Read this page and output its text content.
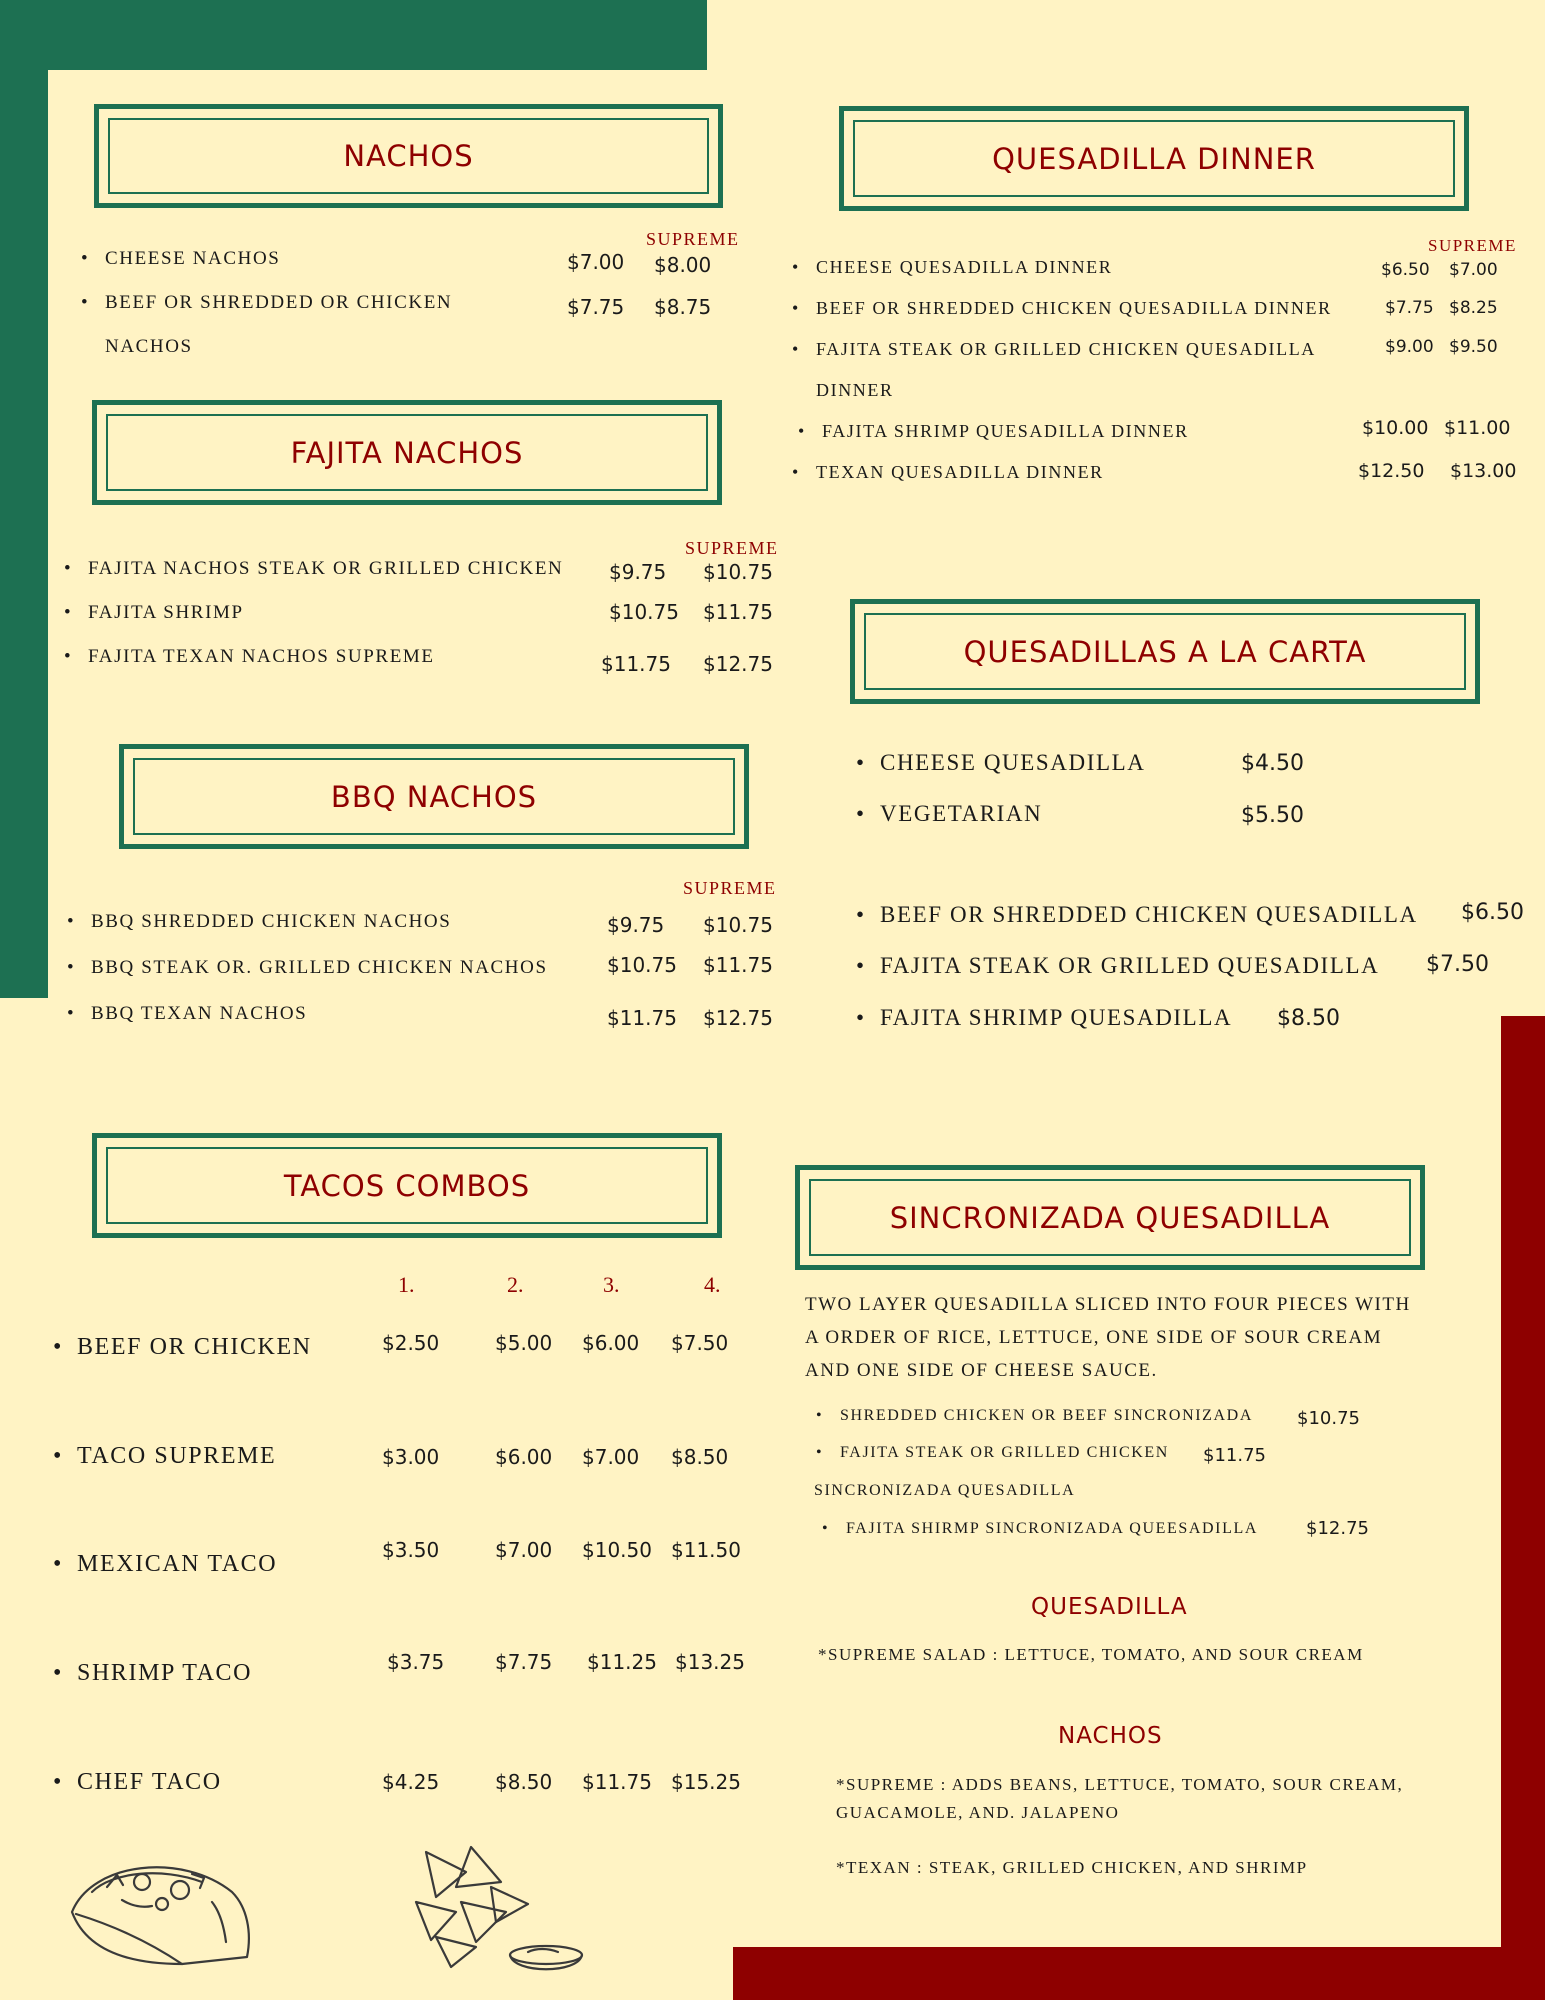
NACHOS
SUPREME
• CHEESE NACHOS	$7.00 $8.00
• BEEF OR SHREDDED OR CHICKEN
NACHOS
$7.75 $8.75
FAJITA NACHOS
SUPREME
• FAJITA NACHOS STEAK OR GRILLED CHICKEN $9.75 $10.75
• FAJITA SHRIMP	$10.75 $11.75
• FAJITA TEXAN NACHOS SUPREME	$11.75 $12.75
BBQ NACHOS
SUPREME
• BBQ SHREDDED CHICKEN NACHOS	$9.75 $10.75
• BBQ STEAK OR. GRILLED CHICKEN NACHOS	$10.75 $11.75
• BBQ TEXAN NACHOS	$11.75 $12.75
QUESADILLA DINNER
SUPREME
• CHEESE QUESADILLA DINNER	$6.50 $7.00
• BEEF OR SHREDDED CHICKEN QUESADILLA DINNER	$7.75 $8.25
• FAJITA STEAK OR GRILLED CHICKEN QUESADILLA
DINNER
$9.00 $9.50
• FAJITA SHRIMP QUESADILLA DINNER	$10.00 $11.00
• TEXAN QUESADILLA DINNER	$12.50 $13.00
QUESADILLAS A LA CARTA
• CHEESE QUESADILLA	$4.50
• VEGETARIAN	$5.50
• BEEF OR SHREDDED CHICKEN QUESADILLA $6.50
• FAJITA STEAK OR GRILLED QUESADILLA $7.50
• FAJITA SHRIMP QUESADILLA $8.50
TACOS COMBOS
1.	2.	3.	4.
• BEEF OR CHICKEN	$2.50	$5.00 $6.00 $7.50
• TACO SUPREME	$3.00	$6.00 $7.00 $8.50
• MEXICAN TACO
$3.50	$7.00 $10.50 $11.50
• SHRIMP TACO	$3.75	$7.75 $11.25 $13.25
• CHEF TACO	$4.25	$8.50 $11.75 $15.25
SINCRONIZADA QUESADILLA
TWO LAYER QUESADILLA SLICED INTO FOUR PIECES WITH
A ORDER OF RICE, LETTUCE, ONE SIDE OF SOUR CREAM
AND ONE SIDE OF CHEESE SAUCE.
• SHREDDED CHICKEN OR BEEF SINCRONIZADA $10.75
• FAJITA STEAK OR GRILLED CHICKEN $11.75
SINCRONIZADA QUESADILLA
• FAJITA SHIRMP SINCRONIZADA QUEESADILLA	$12.75
QUESADILLA
*SUPREME SALAD : LETTUCE, TOMATO, AND SOUR CREAM
NACHOS
*SUPREME : ADDS BEANS, LETTUCE, TOMATO, SOUR CREAM,
GUACAMOLE, AND. JALAPENO
*TEXAN : STEAK, GRILLED CHICKEN, AND SHRIMP
